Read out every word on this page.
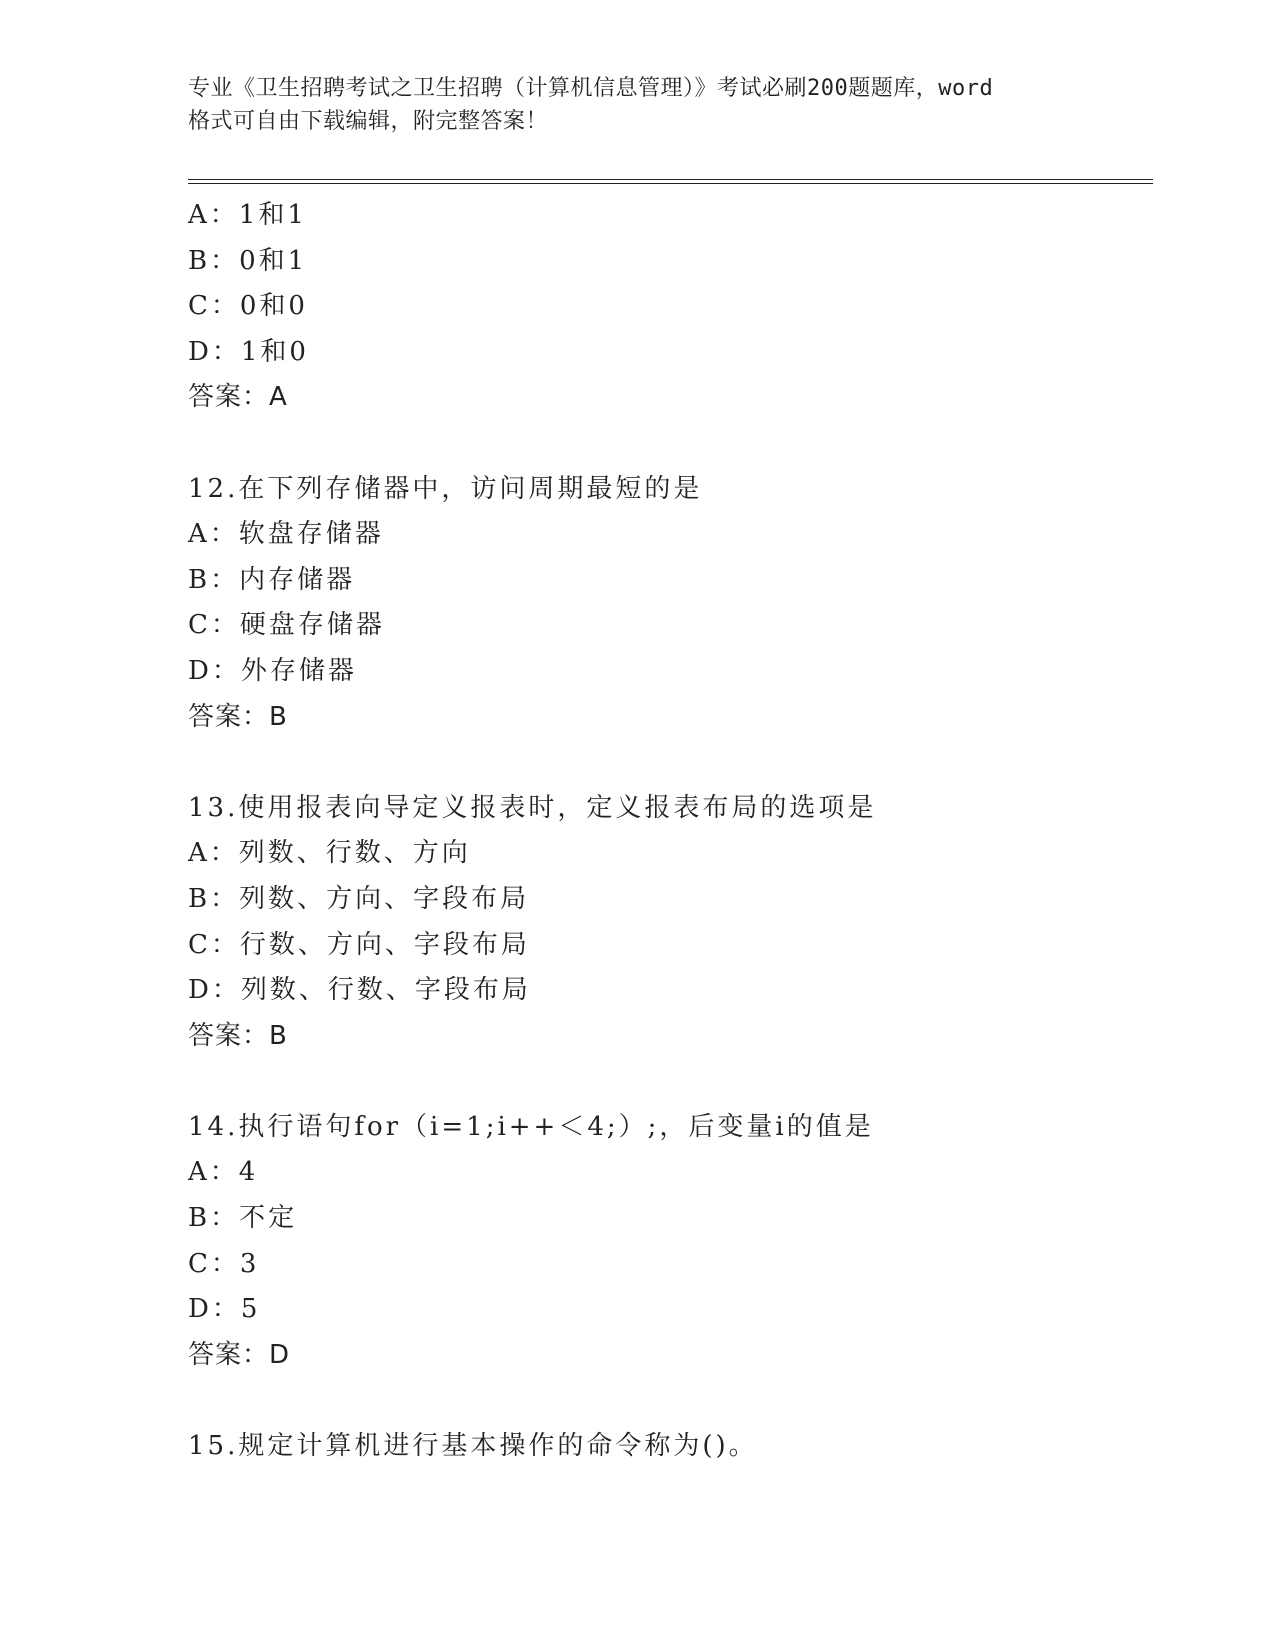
专业《卫生招聘考试之卫生招聘（计算机信息管理）》考试必刷200题题库，word
格式可自由下载编辑，附完整答案！
A：1和1
B：0和1
C：0和0
D：1和0
答案：A
12.在下列存储器中，访问周期最短的是
A：软盘存储器
B：内存储器
C：硬盘存储器
D：外存储器
答案：B
13.使用报表向导定义报表时，定义报表布局的选项是
A：列数、行数、方向
B：列数、方向、字段布局
C：行数、方向、字段布局
D：列数、行数、字段布局
答案：B
14.执行语句for（i=1;i++＜4;）;，后变量i的值是
A：4
B：不定
C：3
D：5
答案：D
15.规定计算机进行基本操作的命令称为()。
